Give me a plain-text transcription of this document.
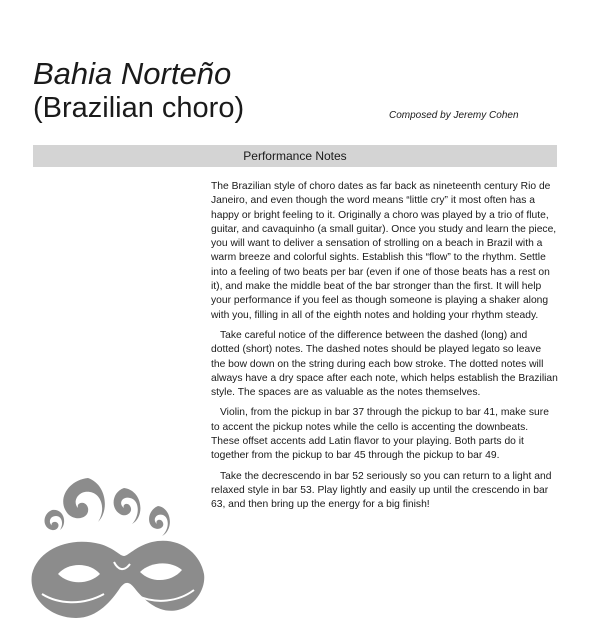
Bahia Norteño
(Brazilian choro)	Composed by Jeremy Cohen
Performance Notes

The Brazilian style of choro dates as far back as nineteenth century Rio de Janeiro, and even though the word means “little cry” it most often has a happy or bright feeling to it. Originally a choro was played by a trio of flute, guitar, and cavaquinho (a small guitar). Once you study and learn the piece, you will want to deliver a sensation of strolling on a beach in Brazil with a warm breeze and colorful sights. Establish this “flow” to the rhythm. Settle into a feeling of two beats per bar (even if one of those beats has a rest on it), and make the middle beat of the bar stronger than the first. It will help your performance if you feel as though someone is playing a shaker along with you, filling in all of the eighth notes and holding your rhythm steady.

Take careful notice of the difference between the dashed (long) and dotted (short) notes. The dashed notes should be played legato so leave the bow down on the string during each bow stroke. The dotted notes will always have a dry space after each note, which helps establish the Brazilian style. The spaces are as valuable as the notes themselves.

Violin, from the pickup in bar 37 through the pickup to bar 41, make sure to accent the pickup notes while the cello is accenting the downbeats. These offset accents add Latin flavor to your playing. Both parts do it together from the pickup to bar 45 through the pickup to bar 49.

Take the decrescendo in bar 52 seriously so you can return to a light and relaxed style in bar 53. Play lightly and easily up until the crescendo in bar 63, and then bring up the energy for a big finish!
